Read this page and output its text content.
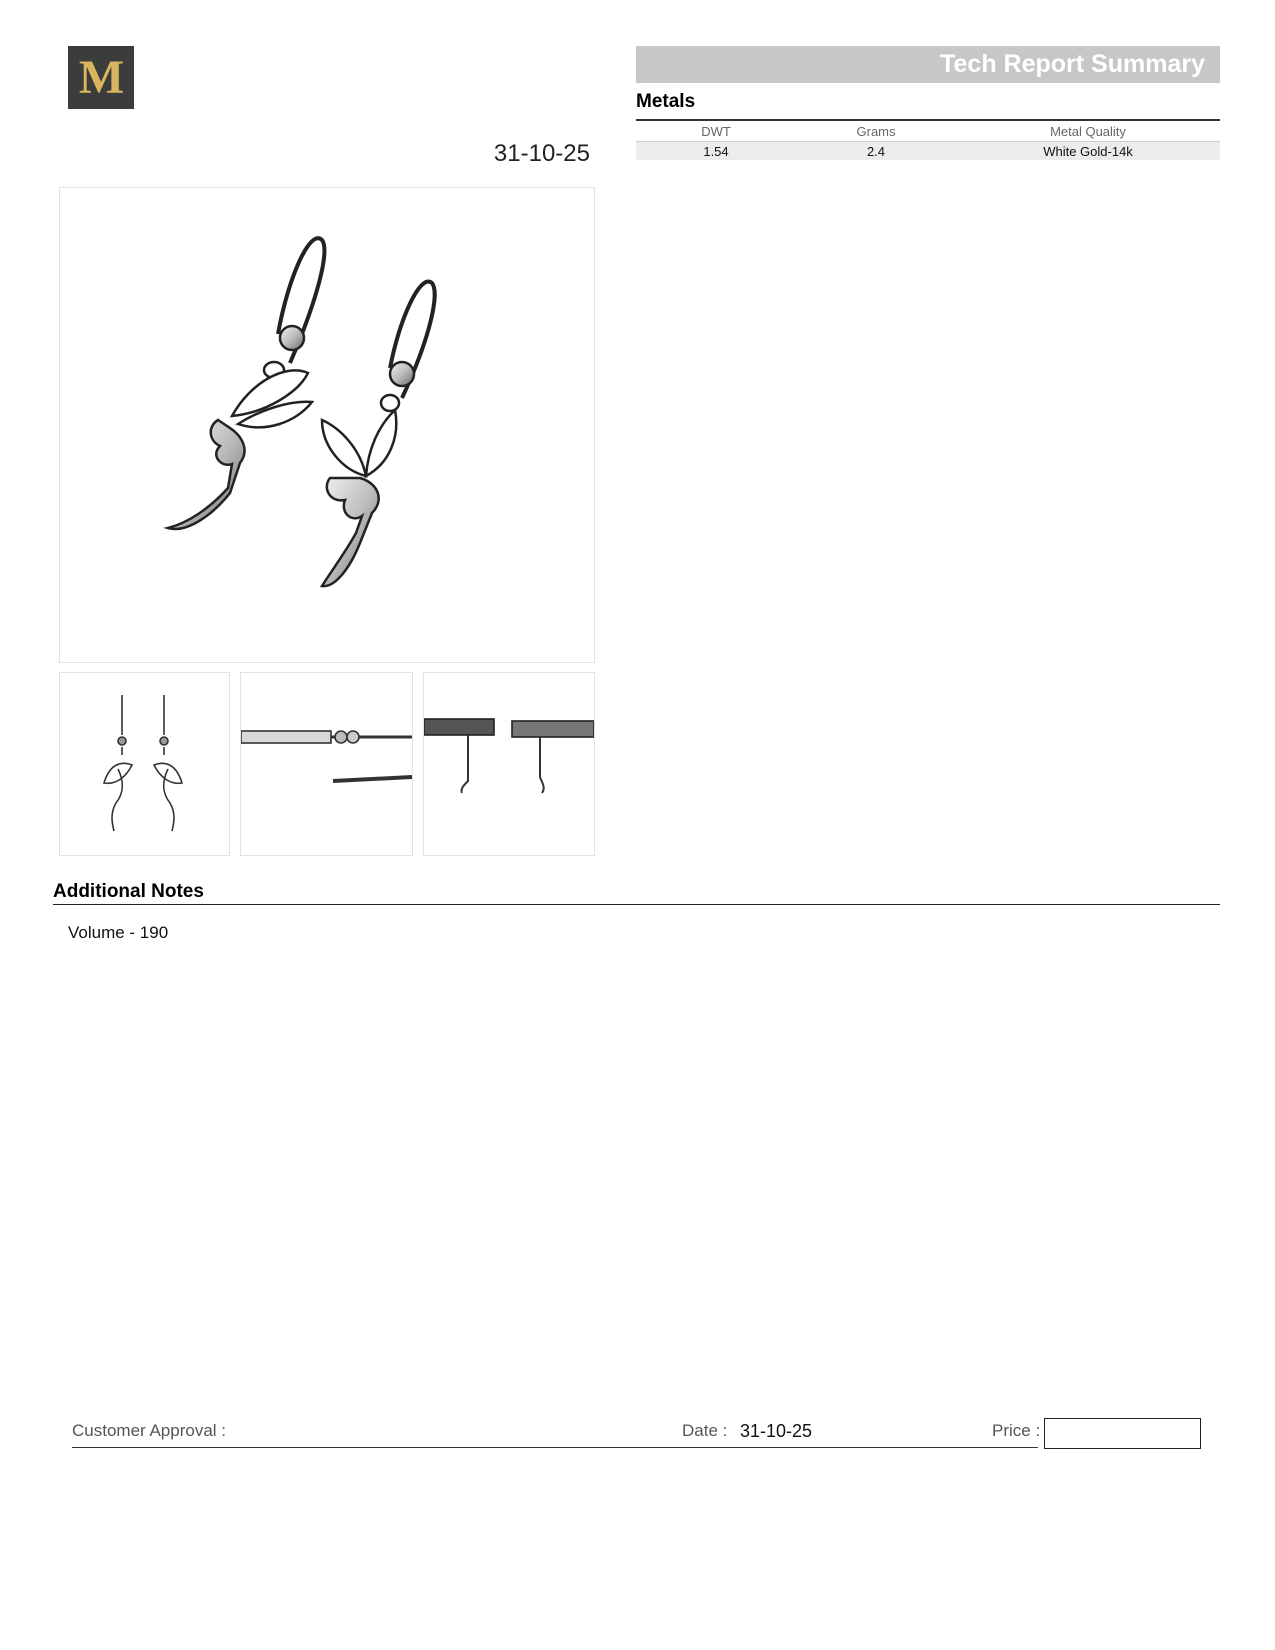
M
31-10-25
Tech Report Summary
Metals
DWT	Grams	Metal Quality
1.54	2.4	White Gold-14k
Additional Notes
Volume - 190
Customer Approval :	Date : 31-10-25	Price :
